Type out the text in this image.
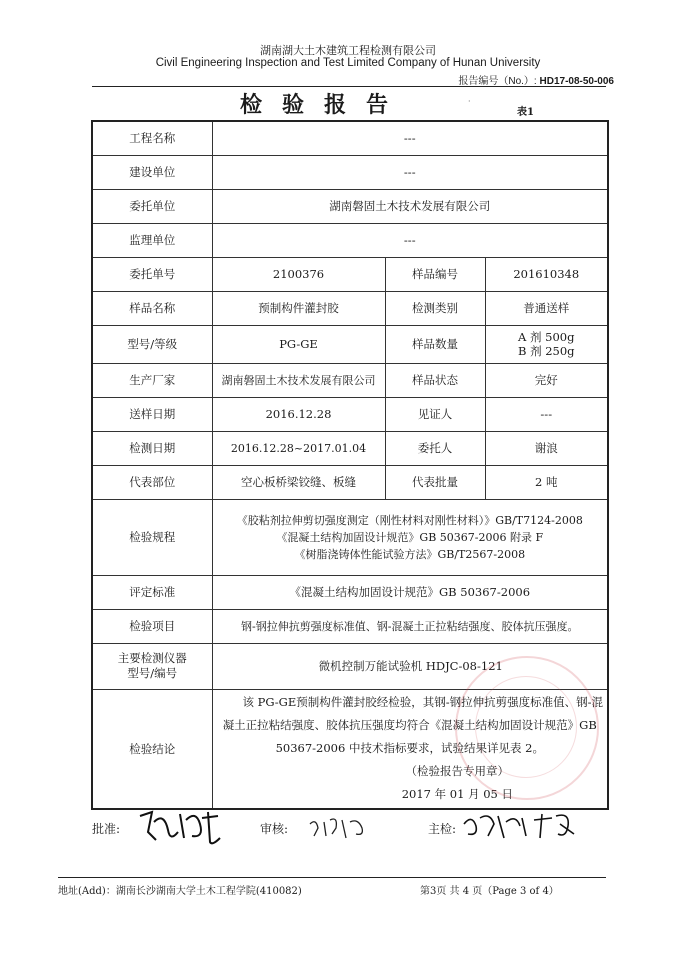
湖南湖大土木建筑工程检测有限公司
Civil Engineering Inspection and Test Limited Company of Hunan University
报告编号（No.）: HD17-08-50-006
检验报告	·
表1
工程名称	---		
建设单位	---		
委托单位	湖南磐固土木技术发展有限公司		
监理单位	---		
委托单号	2100376	样品编号	201610348
样品名称	预制构件灌封胶	检测类别	普通送样
型号/等级	PG-GE	样品数量	A 剂 500g
B 剂 250g

生产厂家	湖南磐固土木技术发展有限公司	样品状态	完好
送样日期	2016.12.28	见证人	---
检测日期	2016.12.28~2017.01.04	委托人	谢浪
代表部位	空心板桥梁铰缝、板缝	代表批量	2 吨
检验规程	《胶粘剂拉伸剪切强度测定（刚性材料对刚性材料）》GB/T7124-2008
《混凝土结构加固设计规范》GB 50367-2006 附录 F
《树脂浇铸体性能试验方法》GB/T2567-2008		

评定标准	《混凝土结构加固设计规范》GB 50367-2006		
检验项目	钢-钢拉伸抗剪强度标准值、钢-混凝土正拉粘结强度、胶体抗压强度。		

主要检测仪器
型号/编号	微机控制万能试验机 HDJC-08-121		
检验结论	该 PG-GE预制构件灌封胶经检验，其钢-钢拉伸抗剪强度标准值、钢-混凝土正拉粘结强度、胶体抗压强度均符合《混凝土结构加固设计规范》GB 50367-2006 中技术指标要求，试验结果详见表 2。
（检验报告专用章）
2017 年 01 月 05 日		
批准:	审核:	主检:
地址(Add)：湖南长沙湖南大学土木工程学院(410082)	第3页 共 4 页（Page 3 of 4）
